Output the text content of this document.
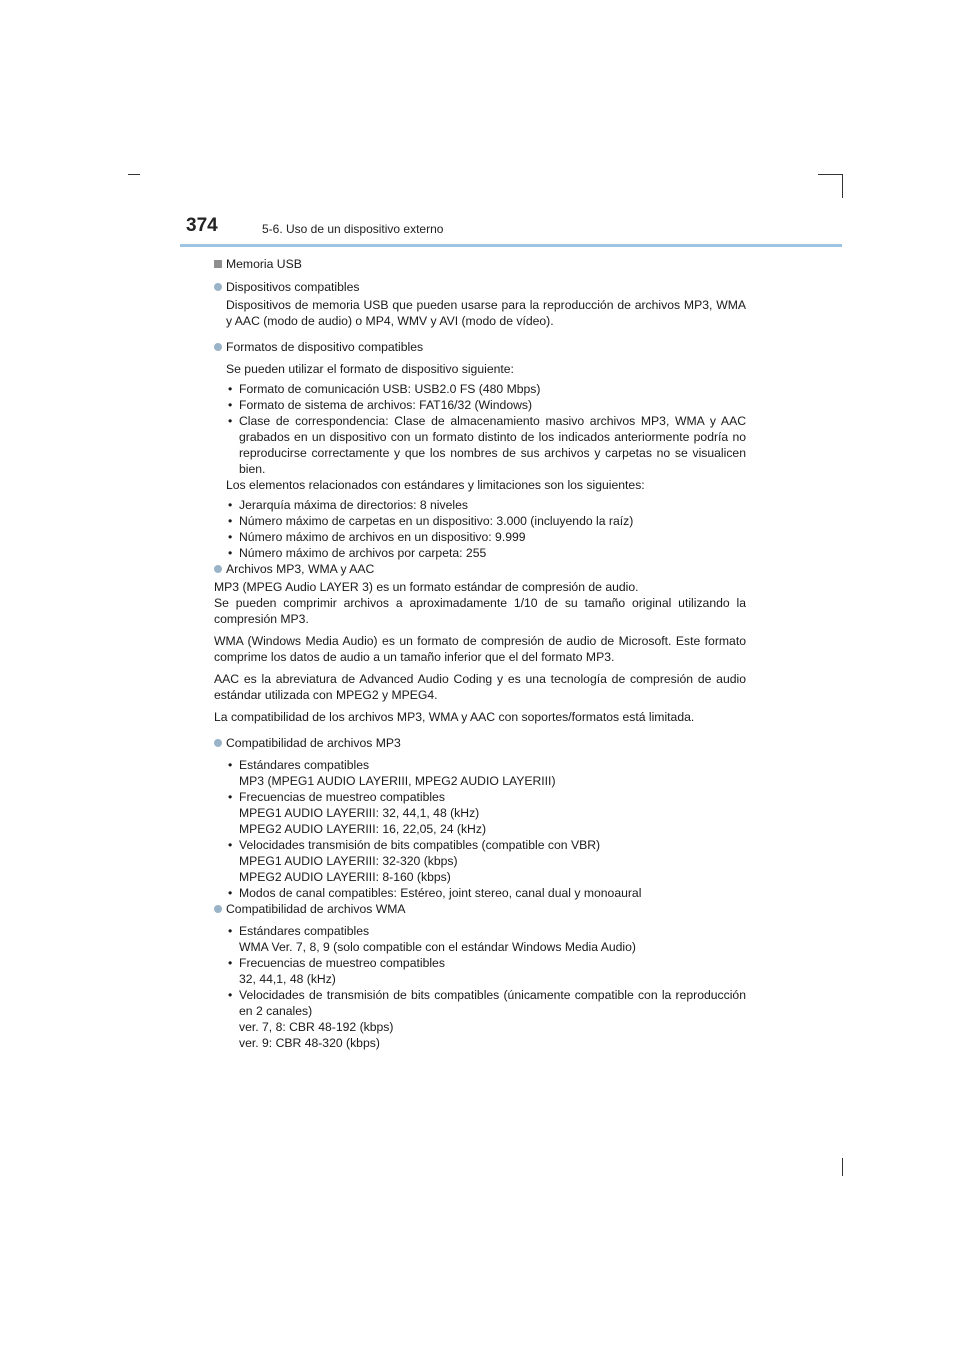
374	5-6. Uso de un dispositivo externo
Memoria USB
Dispositivos compatibles

Dispositivos de memoria USB que pueden usarse para la reproducción de archivos MP3, WMA y AAC (modo de audio) o MP4, WMV y AVI (modo de vídeo).

Formatos de dispositivo compatibles

Se pueden utilizar el formato de dispositivo siguiente:

• Formato de comunicación USB: USB2.0 FS (480 Mbps)
• Formato de sistema de archivos: FAT16/32 (Windows)
• Clase de correspondencia: Clase de almacenamiento masivo archivos MP3, WMA y AAC grabados en un dispositivo con un formato distinto de los indicados anteriormente podría no reproducirse correctamente y que los nombres de sus archivos y carpetas no se visualicen bien.

Los elementos relacionados con estándares y limitaciones son los siguientes:

• Jerarquía máxima de directorios: 8 niveles
• Número máximo de carpetas en un dispositivo: 3.000 (incluyendo la raíz)
• Número máximo de archivos en un dispositivo: 9.999
• Número máximo de archivos por carpeta: 255
Archivos MP3, WMA y AAC

MP3 (MPEG Audio LAYER 3) es un formato estándar de compresión de audio.

Se pueden comprimir archivos a aproximadamente 1/10 de su tamaño original utilizando la compresión MP3.

WMA (Windows Media Audio) es un formato de compresión de audio de Microsoft. Este formato comprime los datos de audio a un tamaño inferior que el del formato MP3.

AAC es la abreviatura de Advanced Audio Coding y es una tecnología de compresión de audio estándar utilizada con MPEG2 y MPEG4.

La compatibilidad de los archivos MP3, WMA y AAC con soportes/formatos está limitada.

Compatibilidad de archivos MP3
• Estándares compatibles
MP3 (MPEG1 AUDIO LAYERIII, MPEG2 AUDIO LAYERIII)
• Frecuencias de muestreo compatibles
MPEG1 AUDIO LAYERIII: 32, 44,1, 48 (kHz)
MPEG2 AUDIO LAYERIII: 16, 22,05, 24 (kHz)
• Velocidades transmisión de bits compatibles (compatible con VBR)
MPEG1 AUDIO LAYERIII: 32-320 (kbps)
MPEG2 AUDIO LAYERIII: 8-160 (kbps)
• Modos de canal compatibles: Estéreo, joint stereo, canal dual y monoaural
Compatibilidad de archivos WMA
• Estándares compatibles
WMA Ver. 7, 8, 9 (solo compatible con el estándar Windows Media Audio)
• Frecuencias de muestreo compatibles
32, 44,1, 48 (kHz)
• Velocidades de transmisión de bits compatibles (únicamente compatible con la reproducción en 2 canales)
ver. 7, 8: CBR 48-192 (kbps)
ver. 9: CBR 48-320 (kbps)
